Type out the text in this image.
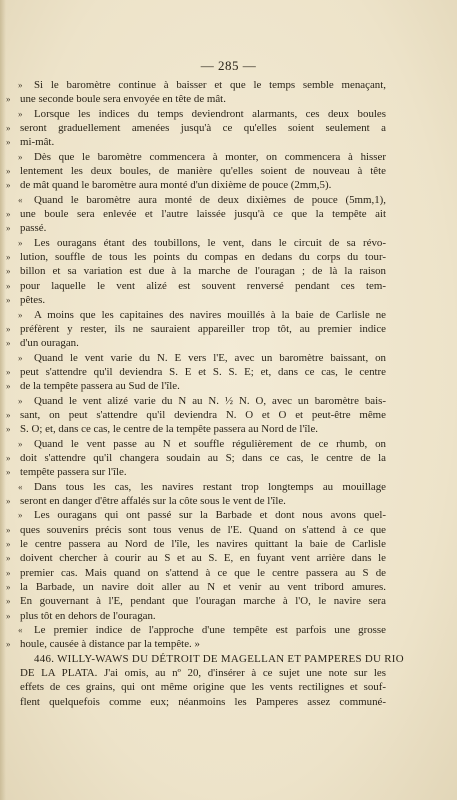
— 285 —
» Si le baromètre continue à baisser et que le temps semble menaçant,
» une seconde boule sera envoyée en tête de mât.
» Lorsque les indices du temps deviendront alarmants, ces deux boules
» seront graduellement amenées jusqu'à ce qu'elles soient seulement a
» mi-mât.
» Dès que le baromètre commencera à monter, on commencera à hisser
» lentement les deux boules, de manière qu'elles soient de nouveau à tête
» de mât quand le baromètre aura monté d'un dixième de pouce (2mm,5).
« Quand le baromètre aura monté de deux dixièmes de pouce (5mm,1),
» une boule sera enlevée et l'autre laissée jusqu'à ce que la tempête ait
» passé.
» Les ouragans étant des toubillons, le vent, dans le circuit de sa révo-
» lution, souffle de tous les points du compas en dedans du corps du tour-
» billon et sa variation est due à la marche de l'ouragan ; de là la raison
» pour laquelle le vent alizé est souvent renversé pendant ces tem-
» pêtes.
» A moins que les capitaines des navires mouillés à la baie de Carlisle ne
» préfèrent y rester, ils ne sauraient appareiller trop tôt, au premier indice
» d'un ouragan.
» Quand le vent varie du N. E vers l'E, avec un baromètre baissant, on
» peut s'attendre qu'il deviendra S. E et S. S. E; et, dans ce cas, le centre
» de la tempête passera au Sud de l'île.
» Quand le vent alizé varie du N au N. ½ N. O, avec un baromètre bais-
» sant, on peut s'attendre qu'il deviendra N. O et O et peut-être même
» S. O; et, dans ce cas, le centre de la tempête passera au Nord de l'île.
» Quand le vent passe au N et souffle régulièrement de ce rhumb, on
» doit s'attendre qu'il changera soudain au S; dans ce cas, le centre de la
» tempête passera sur l'île.
« Dans tous les cas, les navires restant trop longtemps au mouillage
» seront en danger d'être affalés sur la côte sous le vent de l'île.
» Les ouragans qui ont passé sur la Barbade et dont nous avons quel-
» ques souvenirs précis sont tous venus de l'E. Quand on s'attend à ce que
» le centre passera au Nord de l'île, les navires quittant la baie de Carlisle
» doivent chercher à courir au S et au S. E, en fuyant vent arrière dans le
» premier cas. Mais quand on s'attend à ce que le centre passera au S de
» la Barbade, un navire doit aller au N et venir au vent tribord amures.
» En gouvernant à l'E, pendant que l'ouragan marche à l'O, le navire sera
» plus tôt en dehors de l'ouragan.
« Le premier indice de l'approche d'une tempête est parfois une grosse
» houle, causée à distance par la tempête. »
446. WILLY-WAWS DU DÉTROIT DE MAGELLAN ET PAMPERES DU RIO
DE LA PLATA. J'ai omis, au nº 20, d'insérer à ce sujet une note sur les
effets de ces grains, qui ont même origine que les vents rectilignes et souf-
flent quelquefois comme eux; néanmoins les Pamperes assez communé-
